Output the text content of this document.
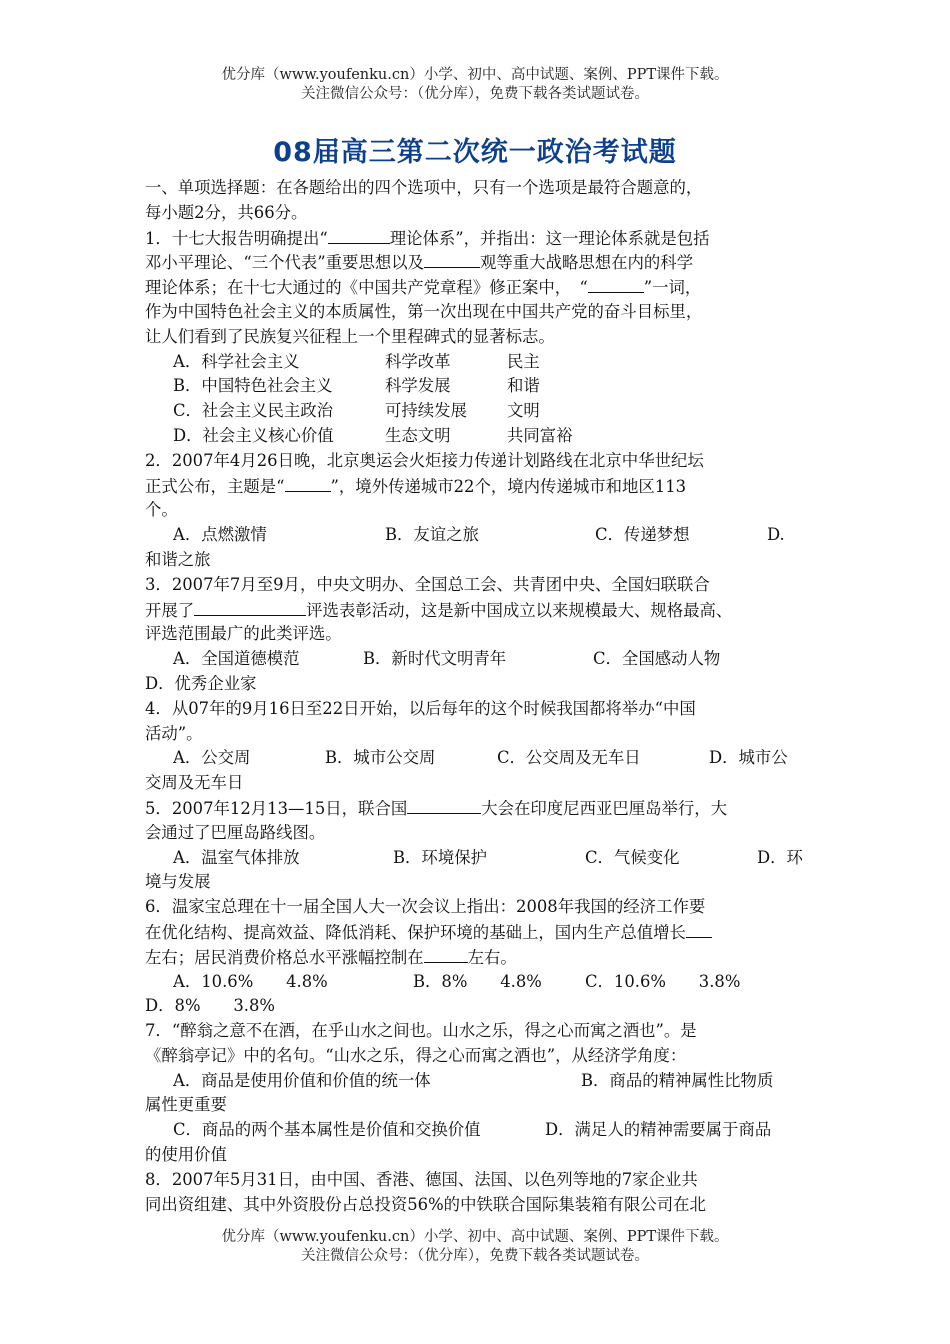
优分库（www.youfenku.cn）小学、初中、高中试题、案例、PPT课件下载。
关注微信公众号：（优分库），免费下载各类试题试卷。
08届高三第二次统一政治考试题
一、单项选择题：在各题给出的四个选项中，只有一个选项是最符合题意的，
每小题2分，共66分。
1．十七大报告明确提出“	理论体系”，并指出：这一理论体系就是包括
邓小平理论、“三个代表”重要思想以及	观等重大战略思想在内的科学
理论体系；在十七大通过的《中国共产党章程》修正案中，　“	”一词，
作为中国特色社会主义的本质属性，第一次出现在中国共产党的奋斗目标里，
让人们看到了民族复兴征程上一个里程碑式的显著标志。
A．科学社会主义	科学改革	民主
B．中国特色社会主义	科学发展	和谐
C．社会主义民主政治	可持续发展 文明
D．社会主义核心价值	生态文明	共同富裕
2．2007年4月26日晚，北京奥运会火炬接力传递计划路线在北京中华世纪坛
正式公布，主题是“	”，境外传递城市22个，境内传递城市和地区113
个。
A．点燃激情	B．友谊之旅	C．传递梦想	D.
和谐之旅
3．2007年7月至9月，中央文明办、全国总工会、共青团中央、全国妇联联合
开展了	评选表彰活动，这是新中国成立以来规模最大、规格最高、
评选范围最广的此类评选。
A．全国道德模范	B．新时代文明青年	C．全国感动人物
D．优秀企业家
4．从07年的9月16日至22日开始，以后每年的这个时候我国都将举办“中国
活动”。
A．公交周	B．城市公交周	C．公交周及无车日	D．城市公
交周及无车日
5．2007年12月13—15日，联合国	大会在印度尼西亚巴厘岛举行，大
会通过了巴厘岛路线图。
A．温室气体排放	B．环境保护	C．气候变化	D．环
境与发展
6．温家宝总理在十一届全国人大一次会议上指出：2008年我国的经济工作要
在优化结构、提高效益、降低消耗、保护环境的基础上，国内生产总值增长
左右；居民消费价格总水平涨幅控制在	左右。
A．10.6%　　4.8%	B．8%　　4.8%	C．10.6%　　3.8%
D．8%　　3.8%
7．“醉翁之意不在酒，在乎山水之间也。山水之乐，得之心而寓之酒也”。是
《醉翁亭记》中的名句。“山水之乐，得之心而寓之酒也”，从经济学角度：
A．商品是使用价值和价值的统一体	B．商品的精神属性比物质
属性更重要
C．商品的两个基本属性是价值和交换价值	D．满足人的精神需要属于商品
的使用价值
8．2007年5月31日，由中国、香港、德国、法国、以色列等地的7家企业共
同出资组建、其中外资股份占总投资56%的中铁联合国际集装箱有限公司在北
优分库（www.youfenku.cn）小学、初中、高中试题、案例、PPT课件下载。
关注微信公众号：（优分库），免费下载各类试题试卷。
